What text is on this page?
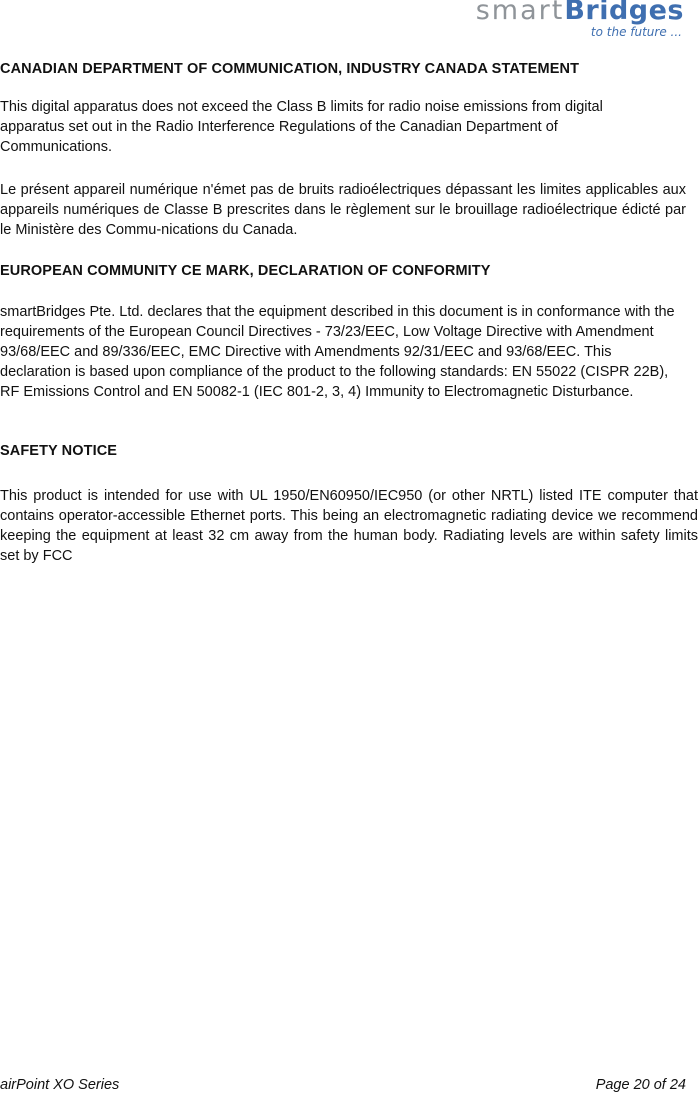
smartBridges
to the future ...
CANADIAN DEPARTMENT OF COMMUNICATION, INDUSTRY CANADA STATEMENT

This digital apparatus does not exceed the Class B limits for radio noise emissions from digital apparatus set out in the Radio Interference Regulations of the Canadian Department of Communications.

Le présent appareil numérique n'émet pas de bruits radioélectriques dépassant les limites applicables aux appareils numériques de Classe B prescrites dans le règlement sur le brouillage radioélectrique édicté par le Ministère des Commu-nications du Canada.

EUROPEAN COMMUNITY CE MARK, DECLARATION OF CONFORMITY

smartBridges Pte. Ltd. declares that the equipment described in this document is in conformance with the requirements of the European Council Directives - 73/23/EEC, Low Voltage Directive with Amendment 93/68/EEC and 89/336/EEC, EMC Directive with Amendments 92/31/EEC and 93/68/EEC. This declaration is based upon compliance of the product to the following standards: EN 55022 (CISPR 22B), RF Emissions Control and EN 50082-1 (IEC 801-2, 3, 4) Immunity to Electromagnetic Disturbance.

SAFETY NOTICE

This product is intended for use with UL 1950/EN60950/IEC950 (or other NRTL) listed ITE computer that contains operator-accessible Ethernet ports. This being an electromagnetic radiating device we recommend keeping the equipment at least 32 cm away from the human body. Radiating levels are within safety limits set by FCC

airPoint XO Series	Page 20 of 24
